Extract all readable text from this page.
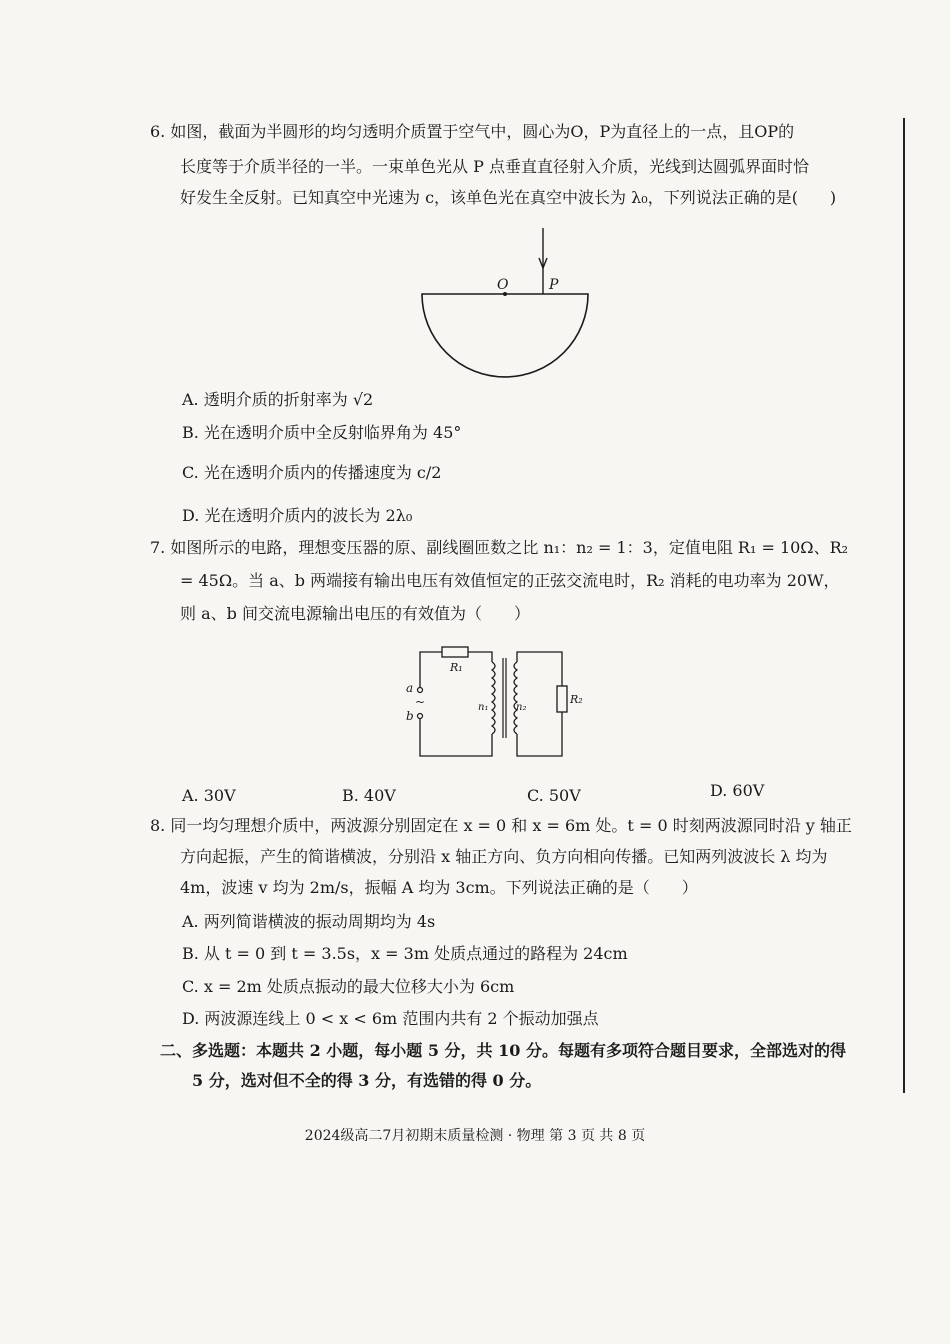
6. 如图，截面为半圆形的均匀透明介质置于空气中，圆心为O，P为直径上的一点，且OP的
长度等于介质半径的一半。一束单色光从 P 点垂直直径射入介质，光线到达圆弧界面时恰
好发生全反射。已知真空中光速为 c，该单色光在真空中波长为 λ₀，下列说法正确的是(　　)
O	P
A. 透明介质的折射率为 √2
B. 光在透明介质中全反射临界角为 45°
C. 光在透明介质内的传播速度为 c/2
D. 光在透明介质内的波长为 2λ₀
7. 如图所示的电路，理想变压器的原、副线圈匝数之比 n₁：n₂ = 1：3，定值电阻 R₁ = 10Ω、R₂
= 45Ω。当 a、b 两端接有输出电压有效值恒定的正弦交流电时，R₂ 消耗的电功率为 20W，
则 a、b 间交流电源输出电压的有效值为（　　）
R₁
R₂
n₁	n₂
a
~
b
A. 30V	B. 40V	C. 50V	D. 60V
8. 同一均匀理想介质中，两波源分别固定在 x = 0 和 x = 6m 处。t = 0 时刻两波源同时沿 y 轴正
方向起振，产生的简谐横波，分别沿 x 轴正方向、负方向相向传播。已知两列波波长 λ 均为
4m，波速 v 均为 2m/s，振幅 A 均为 3cm。下列说法正确的是（　　）
A. 两列简谐横波的振动周期均为 4s
B. 从 t = 0 到 t = 3.5s，x = 3m 处质点通过的路程为 24cm
C. x = 2m 处质点振动的最大位移大小为 6cm
D. 两波源连线上 0 < x < 6m 范围内共有 2 个振动加强点
二、多选题：本题共 2 小题，每小题 5 分，共 10 分。每题有多项符合题目要求，全部选对的得
5 分，选对但不全的得 3 分，有选错的得 0 分。
2024级高二7月初期末质量检测 · 物理 第 3 页 共 8 页
